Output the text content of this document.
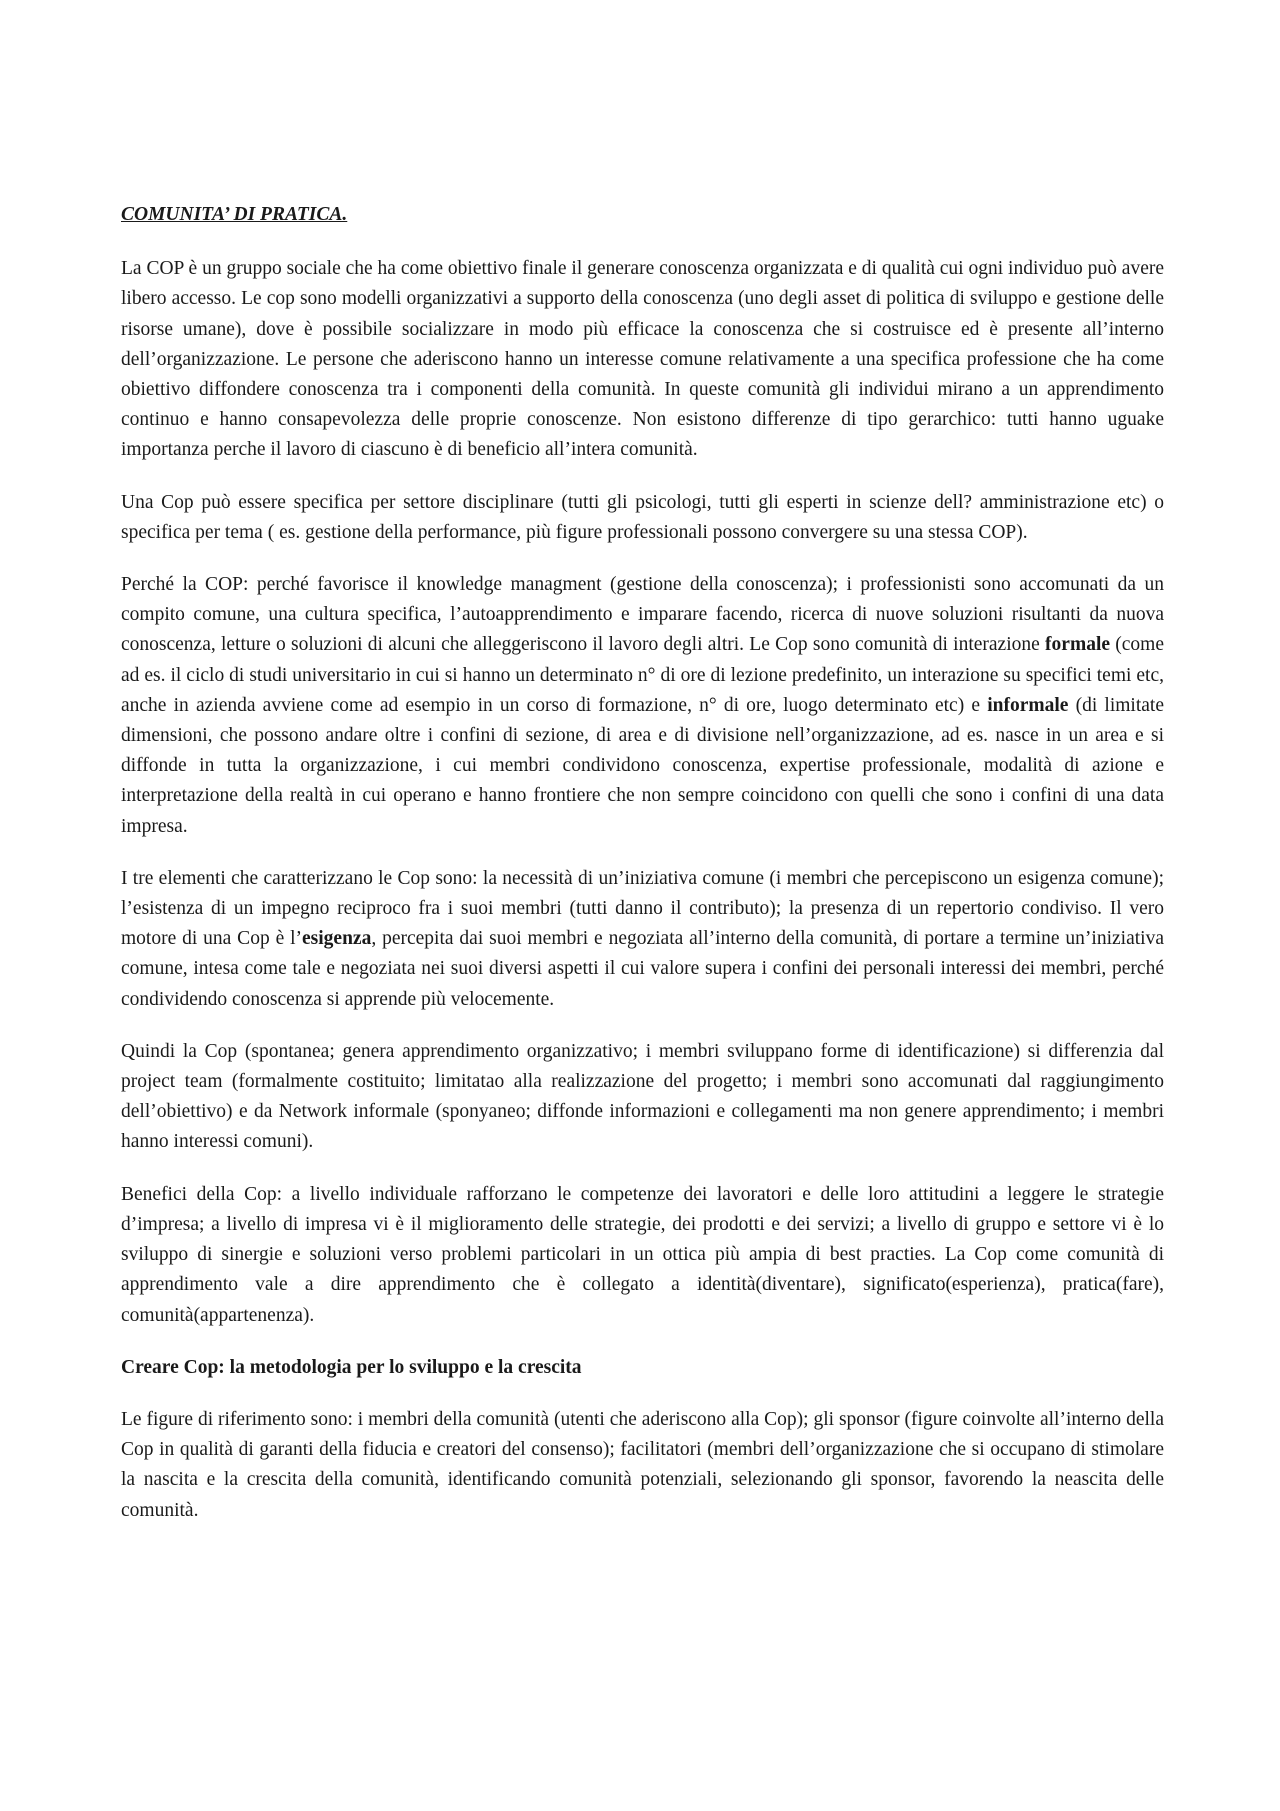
COMUNITA’ DI PRATICA.

La COP è un gruppo sociale che ha come obiettivo finale il generare conoscenza organizzata e di qualità cui ogni individuo può avere libero accesso. Le cop sono modelli organizzativi a supporto della conoscenza (uno degli asset di politica di sviluppo e gestione delle risorse umane), dove è possibile socializzare in modo più efficace la conoscenza che si costruisce ed è presente all’interno dell’organizzazione. Le persone che aderiscono hanno un interesse comune relativamente a una specifica professione che ha come obiettivo diffondere conoscenza tra i componenti della comunità. In queste comunità gli individui mirano a un apprendimento continuo e hanno consapevolezza delle proprie conoscenze. Non esistono differenze di tipo gerarchico: tutti hanno uguake importanza perche il lavoro di ciascuno è di beneficio all’intera comunità.

Una Cop può essere specifica per settore disciplinare (tutti gli psicologi, tutti gli esperti in scienze dell? amministrazione etc) o specifica per tema ( es. gestione della performance, più figure professionali possono convergere su una stessa COP).

Perché la COP: perché favorisce il knowledge managment (gestione della conoscenza); i professionisti sono accomunati da un compito comune, una cultura specifica, l’autoapprendimento e imparare facendo, ricerca di nuove soluzioni risultanti da nuova conoscenza, letture o soluzioni di alcuni che alleggeriscono il lavoro degli altri. Le Cop sono comunità di interazione formale (come ad es. il ciclo di studi universitario in cui si hanno un determinato n° di ore di lezione predefinito, un interazione su specifici temi etc, anche in azienda avviene come ad esempio in un corso di formazione, n° di ore, luogo determinato etc) e informale (di limitate dimensioni, che possono andare oltre i confini di sezione, di area e di divisione nell’organizzazione, ad es. nasce in un area e si diffonde in tutta la organizzazione, i cui membri condividono conoscenza, expertise professionale, modalità di azione e interpretazione della realtà in cui operano e hanno frontiere che non sempre coincidono con quelli che sono i confini di una data impresa.

I tre elementi che caratterizzano le Cop sono: la necessità di un’iniziativa comune (i membri che percepiscono un esigenza comune); l’esistenza di un impegno reciproco fra i suoi membri (tutti danno il contributo); la presenza di un repertorio condiviso. Il vero motore di una Cop è l’esigenza, percepita dai suoi membri e negoziata all’interno della comunità, di portare a termine un’iniziativa comune, intesa come tale e negoziata nei suoi diversi aspetti il cui valore supera i confini dei personali interessi dei membri, perché condividendo conoscenza si apprende più velocemente.

Quindi la Cop (spontanea; genera apprendimento organizzativo; i membri sviluppano forme di identificazione) si differenzia dal project team (formalmente costituito; limitatao alla realizzazione del progetto; i membri sono accomunati dal raggiungimento dell’obiettivo) e da Network informale (sponyaneo; diffonde informazioni e collegamenti ma non genere apprendimento; i membri hanno interessi comuni).

Benefici della Cop: a livello individuale rafforzano le competenze dei lavoratori e delle loro attitudini a leggere le strategie d’impresa; a livello di impresa vi è il miglioramento delle strategie, dei prodotti e dei servizi; a livello di gruppo e settore vi è lo sviluppo di sinergie e soluzioni verso problemi particolari in un ottica più ampia di best practies. La Cop come comunità di apprendimento vale a dire apprendimento che è collegato a identità(diventare), significato(esperienza), pratica(fare), comunità(appartenenza).

Creare Cop: la metodologia per lo sviluppo e la crescita

Le figure di riferimento sono: i membri della comunità (utenti che aderiscono alla Cop); gli sponsor (figure coinvolte all’interno della Cop in qualità di garanti della fiducia e creatori del consenso); facilitatori (membri dell’organizzazione che si occupano di stimolare la nascita e la crescita della comunità, identificando comunità potenziali, selezionando gli sponsor, favorendo la neascita delle comunità.
